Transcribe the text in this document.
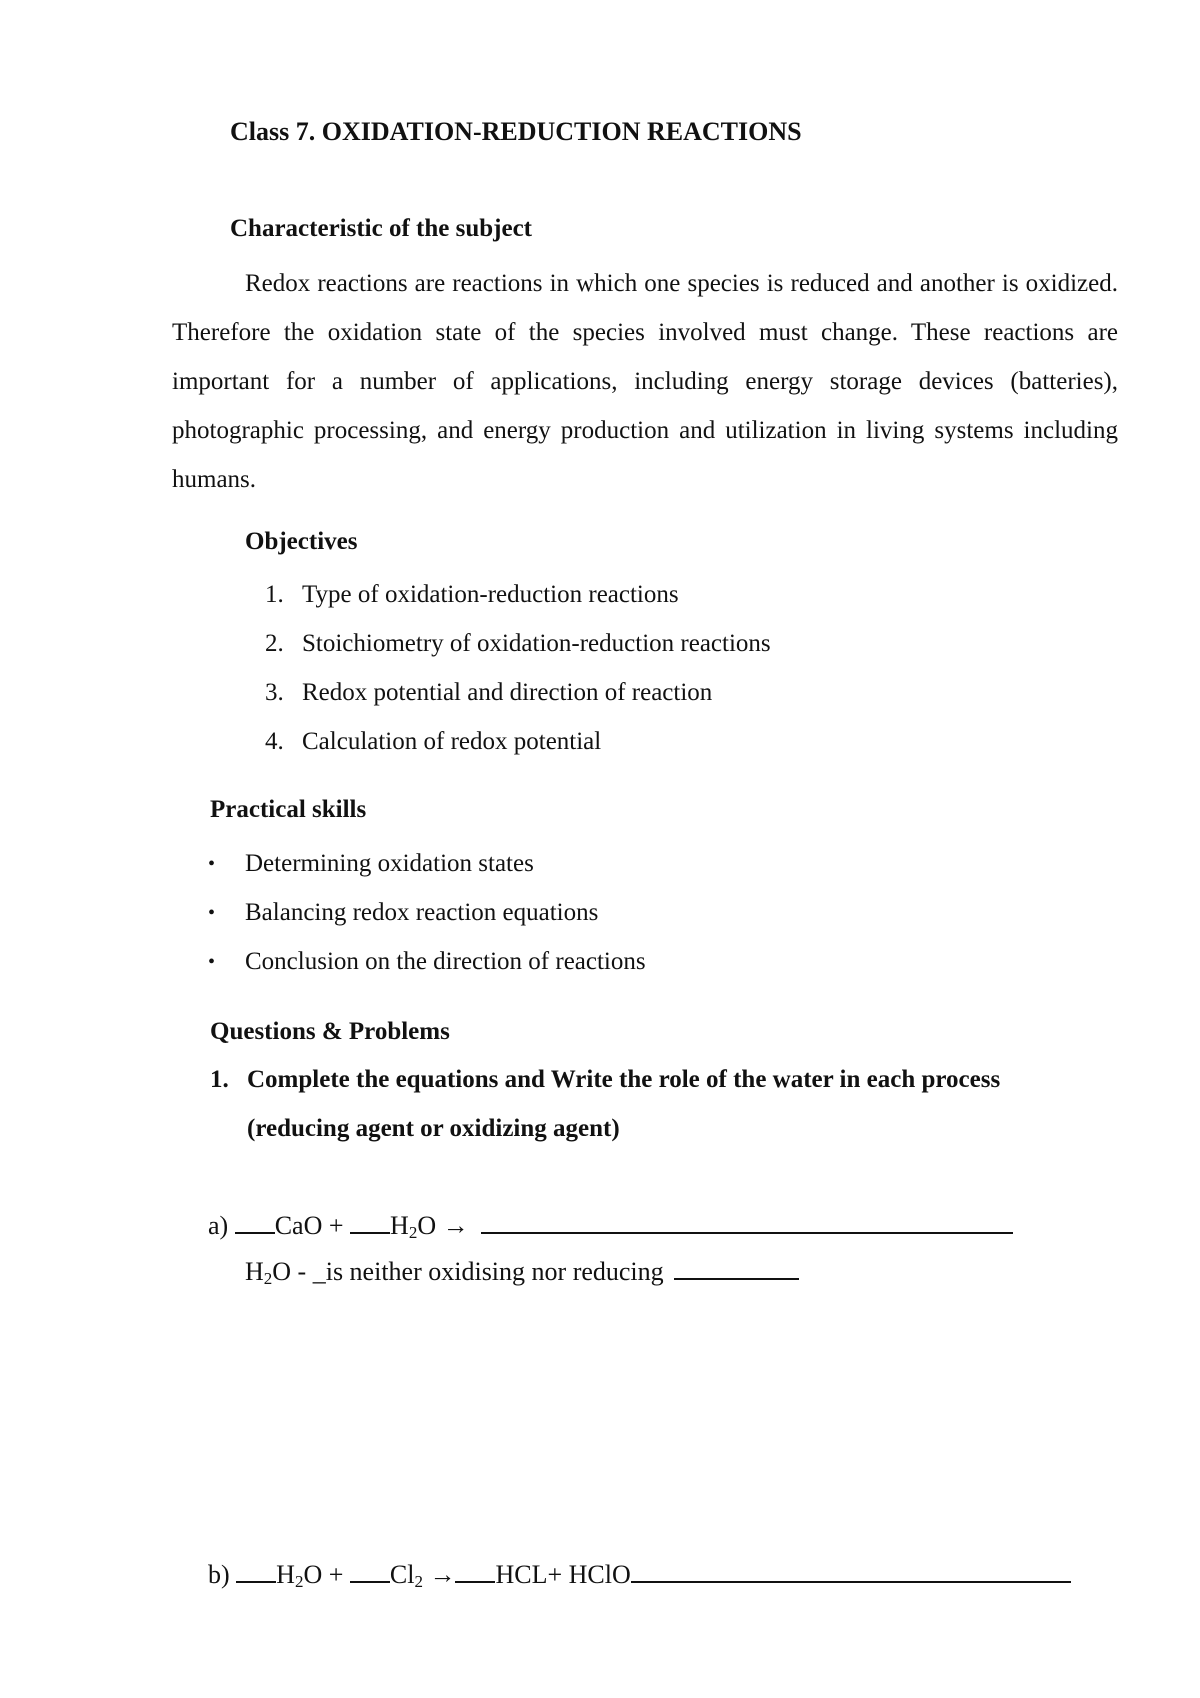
Class 7. OXIDATION-REDUCTION REACTIONS

Characteristic of the subject

Redox reactions are reactions in which one species is reduced and another is oxidized. Therefore the oxidation state of the species involved must change. These reactions are important for a number of applications, including energy storage devices (batteries), photographic processing, and energy production and utilization in living systems including humans.

Objectives

1. Type of oxidation-reduction reactions
2. Stoichiometry of oxidation-reduction reactions
3. Redox potential and direction of reaction
4. Calculation of redox potential

Practical skills

• Determining oxidation states
• Balancing redox reaction equations
• Conclusion on the direction of reactions

Questions & Problems

1. Complete the equations and Write the role of the water in each process

(reducing agent or oxidizing agent)

a) CaO + $H_2O$ →
$H_2O$ - _is neither oxidising nor reducing
b) $H_2O + Cl_2 \to HCL+$ HClO
